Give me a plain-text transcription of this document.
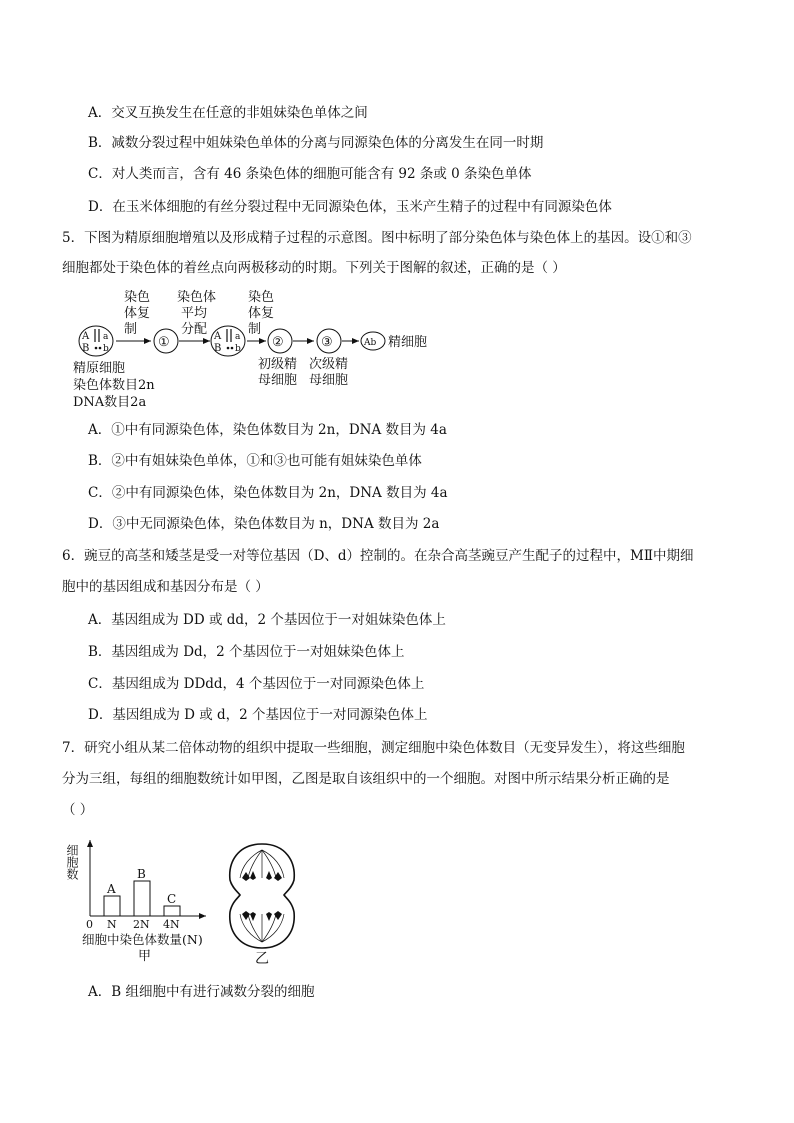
A．交叉互换发生在任意的非姐妹染色单体之间
B．减数分裂过程中姐妹染色单体的分离与同源染色体的分离发生在同一时期
C．对人类而言，含有 46 条染色体的细胞可能含有 92 条或 0 条染色单体
D．在玉米体细胞的有丝分裂过程中无同源染色体，玉米产生精子的过程中有同源染色体
5．下图为精原细胞增殖以及形成精子过程的示意图。图中标明了部分染色体与染色体上的基因。设①和③
细胞都处于染色体的着丝点向两极移动的时期。下列关于图解的叙述，正确的是（ ）
染色
体复
制
染色体
平均
分配
染色
体复
制
A
B
a
b	①	A
B
a
b ②	③	Ab 精细胞
初级精
母细胞
次级精
母细胞
精原细胞
染色体数目2n
DNA数目2a
A．①中有同源染色体，染色体数目为 2n，DNA 数目为 4a
B．②中有姐妹染色单体，①和③也可能有姐妹染色单体
C．②中有同源染色体，染色体数目为 2n，DNA 数目为 4a
D．③中无同源染色体，染色体数目为 n，DNA 数目为 2a
6．豌豆的高茎和矮茎是受一对等位基因（D、d）控制的。在杂合高茎豌豆产生配子的过程中，MⅡ中期细
胞中的基因组成和基因分布是（ ）
A．基因组成为 DD 或 dd，2 个基因位于一对姐妹染色体上
B．基因组成为 Dd，2 个基因位于一对姐妹染色体上
C．基因组成为 DDdd，4 个基因位于一对同源染色体上
D．基因组成为 D 或 d，2 个基因位于一对同源染色体上
7．研究小组从某二倍体动物的组织中提取一些细胞，测定细胞中染色体数目（无变异发生），将这些细胞
分为三组，每组的细胞数统计如甲图，乙图是取自该组织中的一个细胞。对图中所示结果分析正确的是
（ ）
细胞数
0
A
N
B
2N
C
4N
细胞中染色体数量(N)
甲	乙
A．B 组细胞中有进行减数分裂的细胞
